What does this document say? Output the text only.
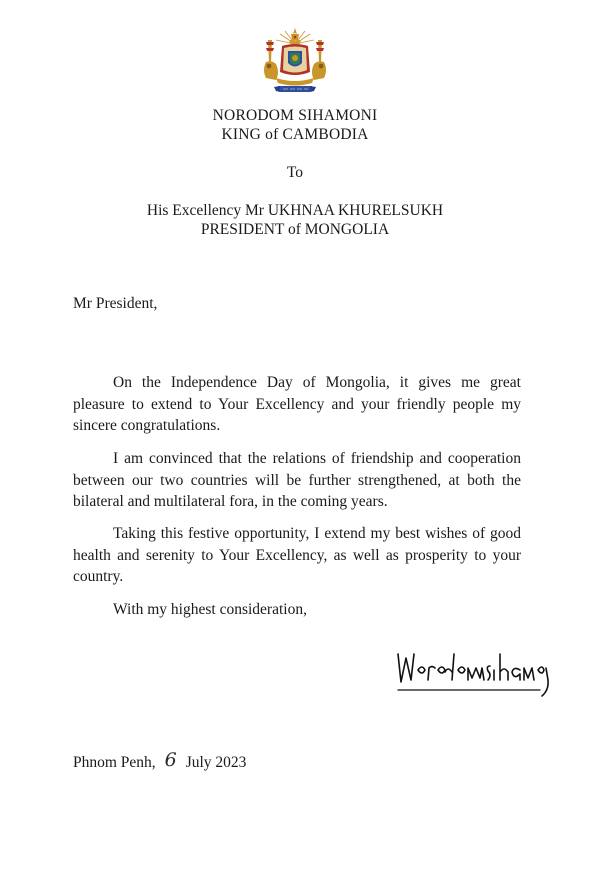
NORODOM SIHAMONI
KING of CAMBODIA
To
His Excellency Mr UKHNAA KHURELSUKH
PRESIDENT of MONGOLIA
Mr President,

On the Independence Day of Mongolia, it gives me great pleasure to extend to Your Excellency and your friendly people my sincere congratulations.

I am convinced that the relations of friendship and cooperation between our two countries will be further strengthened, at both the bilateral and multilateral fora, in the coming years.

Taking this festive opportunity, I extend my best wishes of good health and serenity to Your Excellency, as well as prosperity to your country.

With my highest consideration,
Phnom Penh, 6 July 2023
